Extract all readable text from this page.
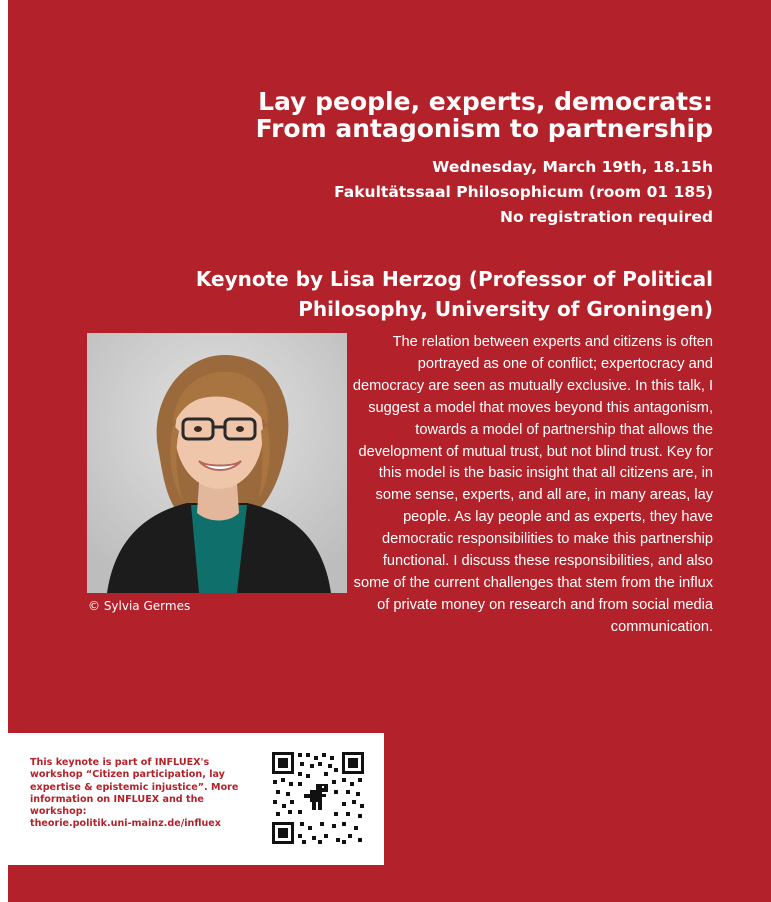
Lay people, experts, democrats:
From antagonism to partnership
Wednesday, March 19th, 18.15h
Fakultätssaal Philosophicum (room 01 185)
No registration required
Keynote by Lisa Herzog (Professor of Political
Philosophy, University of Groningen)
© Sylvia Germes

The relation between experts and citizens is often portrayed as one of conflict; expertocracy and democracy are seen as mutually exclusive. In this talk, I suggest a model that moves beyond this antagonism, towards a model of partnership that allows the development of mutual trust, but not blind trust. Key for this model is the basic insight that all citizens are, in some sense, experts, and all are, in many areas, lay people. As lay people and as experts, they have democratic responsibilities to make this partnership functional. I discuss these responsibilities, and also some of the current challenges that stem from the influx of private money on research and from social media communication.

This keynote is part of INFLUEX's workshop “Citizen participation, lay expertise & epistemic injustice”. More information on INFLUEX and the workshop:
theorie.politik.uni-mainz.de/influex
